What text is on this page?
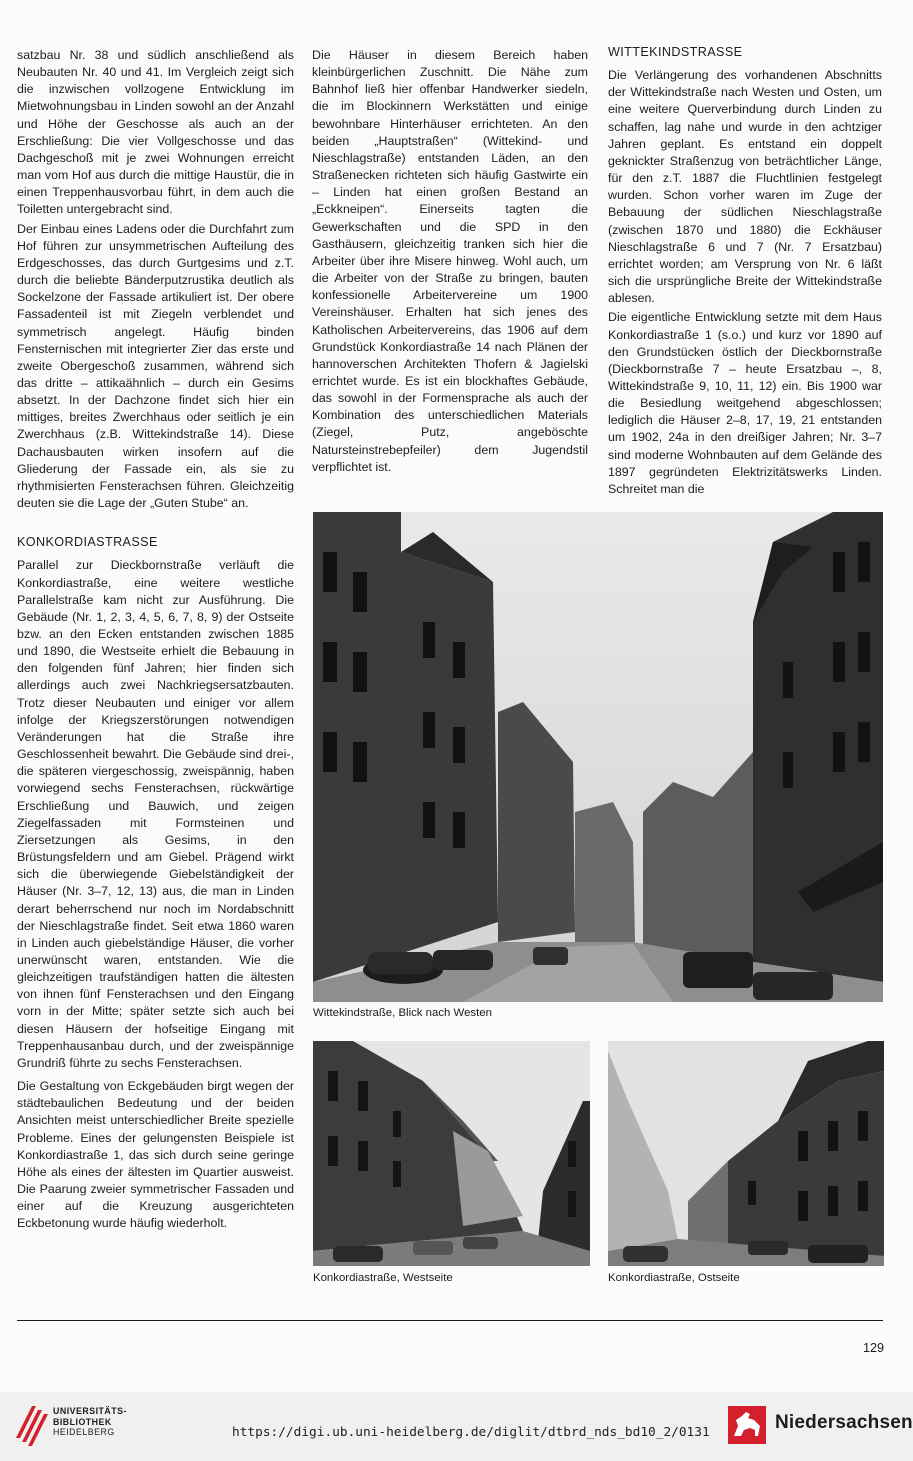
satzbau Nr. 38 und südlich anschließend als Neubauten Nr. 40 und 41. Im Vergleich zeigt sich die inzwischen vollzogene Entwicklung im Mietwohnungsbau in Linden sowohl an der Anzahl und Höhe der Geschosse als auch an der Erschließung: Die vier Vollgeschosse und das Dachgeschoß mit je zwei Wohnungen erreicht man vom Hof aus durch die mittige Haustür, die in einen Treppenhausvorbau führt, in dem auch die Toiletten untergebracht sind.

Der Einbau eines Ladens oder die Durchfahrt zum Hof führen zur unsymmetrischen Aufteilung des Erdgeschosses, das durch Gurtgesims und z.T. durch die beliebte Bänderputzrustika deutlich als Sockelzone der Fassade artikuliert ist. Der obere Fassadenteil ist mit Ziegeln verblendet und symmetrisch angelegt. Häufig binden Fensternischen mit integrierter Zier das erste und zweite Obergeschoß zusammen, während sich das dritte – attikaähnlich – durch ein Gesims absetzt. In der Dachzone findet sich hier ein mittiges, breites Zwerchhaus oder seitlich je ein Zwerchhaus (z.B. Wittekindstraße 14). Diese Dachausbauten wirken insofern auf die Gliederung der Fassade ein, als sie zu rhythmisierten Fensterachsen führen. Gleichzeitig deuten sie die Lage der „Guten Stube“ an.

KONKORDIASTRASSE

Parallel zur Dieckbornstraße verläuft die Konkordiastraße, eine weitere westliche Parallelstraße kam nicht zur Ausführung. Die Gebäude (Nr. 1, 2, 3, 4, 5, 6, 7, 8, 9) der Ostseite bzw. an den Ecken entstanden zwischen 1885 und 1890, die Westseite erhielt die Bebauung in den folgenden fünf Jahren; hier finden sich allerdings auch zwei Nachkriegsersatzbauten. Trotz dieser Neubauten und einiger vor allem infolge der Kriegszerstörungen notwendigen Veränderungen hat die Straße ihre Geschlossenheit bewahrt. Die Gebäude sind drei-, die späteren viergeschossig, zweispännig, haben vorwiegend sechs Fensterachsen, rückwärtige Erschließung und Bauwich, und zeigen Ziegelfassaden mit Formsteinen und Ziersetzungen als Gesims, in den Brüstungsfeldern und am Giebel. Prägend wirkt sich die überwiegende Giebelständigkeit der Häuser (Nr. 3–7, 12, 13) aus, die man in Linden derart beherrschend nur noch im Nordabschnitt der Nieschlagstraße findet. Seit etwa 1860 waren in Linden auch giebelständige Häuser, die vorher unerwünscht waren, entstanden. Wie die gleichzeitigen traufständigen hatten die ältesten von ihnen fünf Fensterachsen und den Eingang vorn in der Mitte; später setzte sich auch bei diesen Häusern der hofseitige Eingang mit Treppenhausanbau durch, und der zweispännige Grundriß führte zu sechs Fensterachsen.

Die Gestaltung von Eckgebäuden birgt wegen der städtebaulichen Bedeutung und der beiden Ansichten meist unterschiedlicher Breite spezielle Probleme. Eines der gelungensten Beispiele ist Konkordiastraße 1, das sich durch seine geringe Höhe als eines der ältesten im Quartier ausweist. Die Paarung zweier symmetrischer Fassaden und einer auf die Kreuzung ausgerichteten Eckbetonung wurde häufig wiederholt.

Die Häuser in diesem Bereich haben kleinbürgerlichen Zuschnitt. Die Nähe zum Bahnhof ließ hier offenbar Handwerker siedeln, die im Blockinnern Werkstätten und einige bewohnbare Hinterhäuser errichteten. An den beiden „Hauptstraßen“ (Wittekind- und Nieschlagstraße) entstanden Läden, an den Straßenecken richteten sich häufig Gastwirte ein – Linden hat einen großen Bestand an „Eckkneipen“. Einerseits tagten die Gewerkschaften und die SPD in den Gasthäusern, gleichzeitig tranken sich hier die Arbeiter über ihre Misere hinweg. Wohl auch, um die Arbeiter von der Straße zu bringen, bauten konfessionelle Arbeitervereine um 1900 Vereinshäuser. Erhalten hat sich jenes des Katholischen Arbeitervereins, das 1906 auf dem Grundstück Konkordiastraße 14 nach Plänen der hannoverschen Architekten Thofern & Jagielski errichtet wurde. Es ist ein blockhaftes Gebäude, das sowohl in der Formensprache als auch der Kombination des unterschiedlichen Materials (Ziegel, Putz, angeböschte Natursteinstrebepfeiler) dem Jugendstil verpflichtet ist.

WITTEKINDSTRASSE

Die Verlängerung des vorhandenen Abschnitts der Wittekindstraße nach Westen und Osten, um eine weitere Querverbindung durch Linden zu schaffen, lag nahe und wurde in den achtziger Jahren geplant. Es entstand ein doppelt geknickter Straßenzug von beträchtlicher Länge, für den z.T. 1887 die Fluchtlinien festgelegt wurden. Schon vorher waren im Zuge der Bebauung der südlichen Nieschlagstraße (zwischen 1870 und 1880) die Eckhäuser Nieschlagstraße 6 und 7 (Nr. 7 Ersatzbau) errichtet worden; am Versprung von Nr. 6 läßt sich die ursprüngliche Breite der Wittekindstraße ablesen.

Die eigentliche Entwicklung setzte mit dem Haus Konkordiastraße 1 (s.o.) und kurz vor 1890 auf den Grundstücken östlich der Dieckbornstraße (Dieckbornstraße 7 – heute Ersatzbau –, 8, Wittekindstraße 9, 10, 11, 12) ein. Bis 1900 war die Besiedlung weitgehend abgeschlossen; lediglich die Häuser 2–8, 17, 19, 21 entstanden um 1902, 24a in den dreißiger Jahren; Nr. 3–7 sind moderne Wohnbauten auf dem Gelände des 1897 gegründeten Elektrizitätswerks Linden. Schreitet man die

Wittekindstraße, Blick nach Westen
Konkordiastraße, Westseite	Konkordiastraße, Ostseite
129
UNIVERSITÄTS-
BIBLIOTHEK
HEIDELBERG	https://digi.ub.uni-heidelberg.de/diglit/dtbrd_nds_bd10_2/0131	Niedersachsen
